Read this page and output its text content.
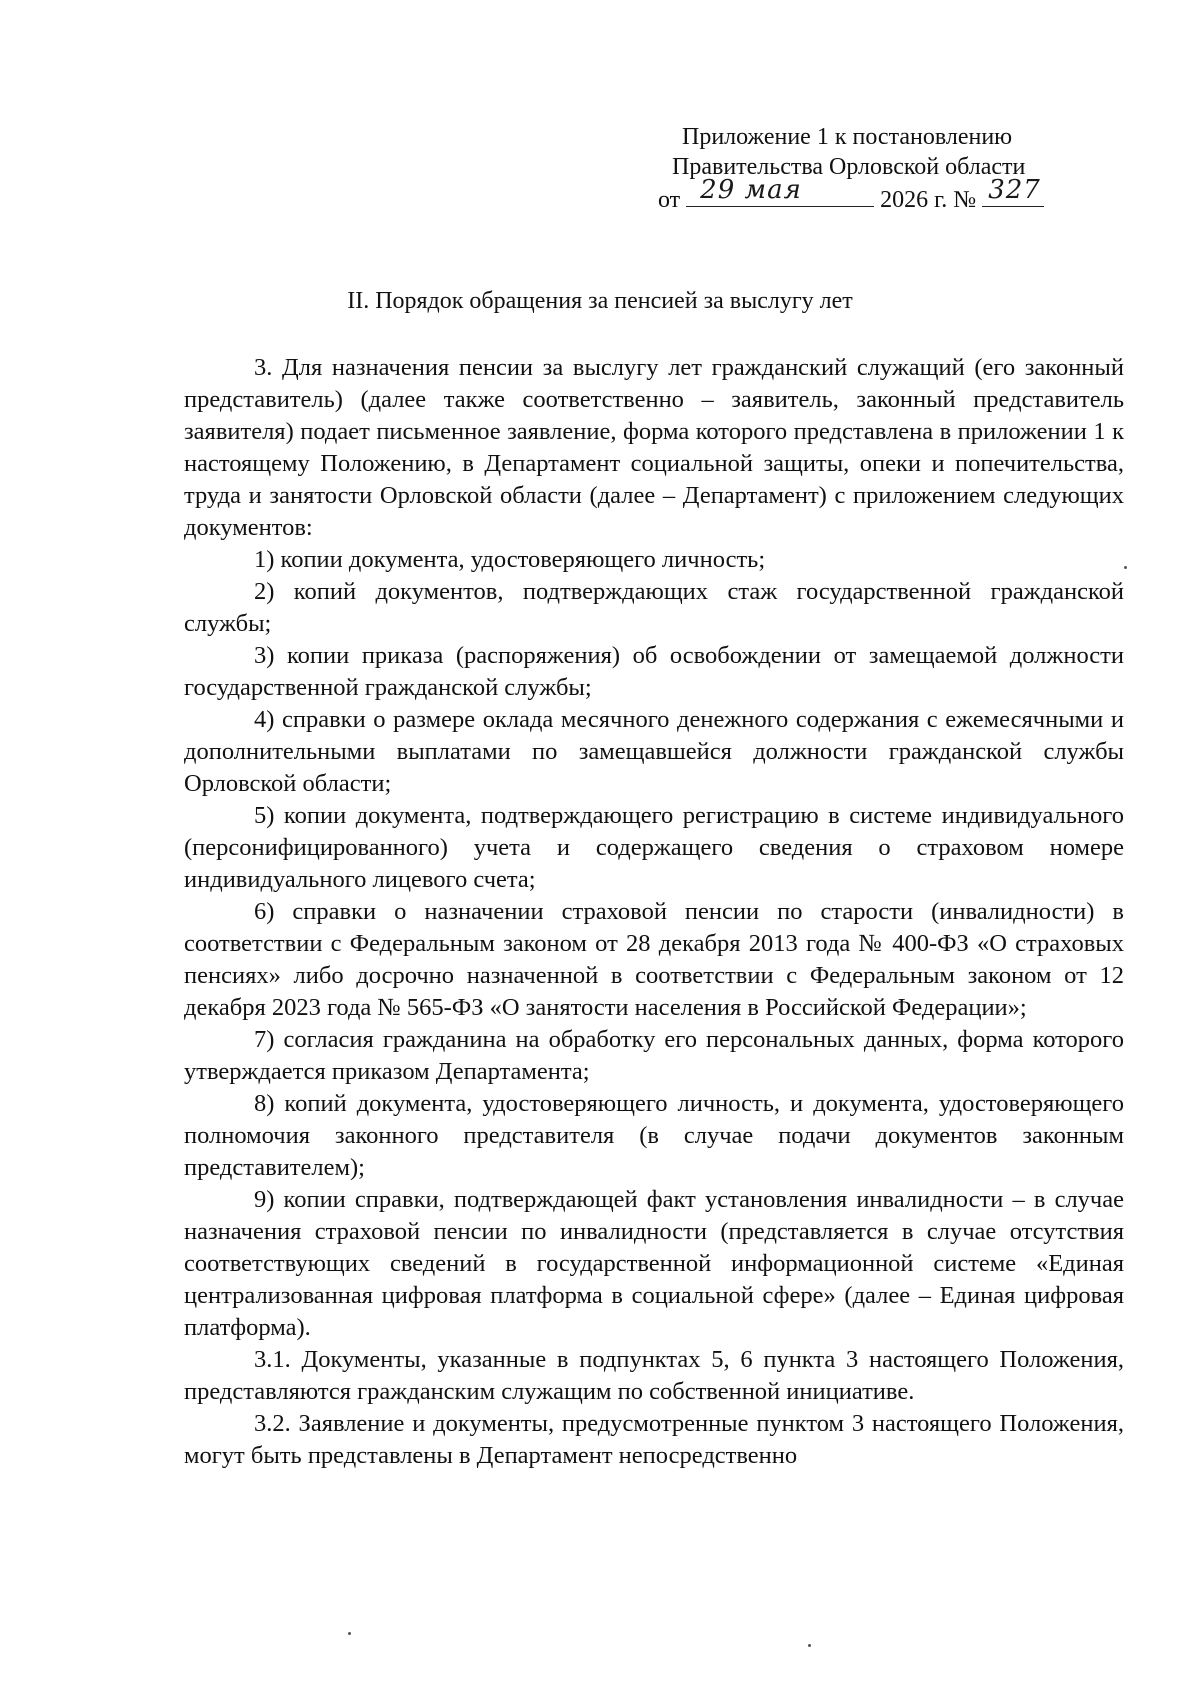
Приложение 1 к постановлению
Правительства Орловской области
от 29 мая	2026 г. № 327
II. Порядок обращения за пенсией за выслугу лет

3. Для назначения пенсии за выслугу лет гражданский служащий (его законный представитель) (далее также соответственно – заявитель, законный представитель заявителя) подает письменное заявление, форма которого представлена в приложении 1 к настоящему Положению, в Департамент социальной защиты, опеки и попечительства, труда и занятости Орловской области (далее – Департамент) с приложением следующих документов:

1) копии документа, удостоверяющего личность;

2) копий документов, подтверждающих стаж государственной гражданской службы;

3) копии приказа (распоряжения) об освобождении от замещаемой должности государственной гражданской службы;

4) справки о размере оклада месячного денежного содержания с ежемесячными и дополнительными выплатами по замещавшейся должности гражданской службы Орловской области;

5) копии документа, подтверждающего регистрацию в системе индивидуального (персонифицированного) учета и содержащего сведения о страховом номере индивидуального лицевого счета;

6) справки о назначении страховой пенсии по старости (инвалидности) в соответствии с Федеральным законом от 28 декабря 2013 года № 400-ФЗ «О страховых пенсиях» либо досрочно назначенной в соответствии с Федеральным законом от 12 декабря 2023 года № 565-ФЗ «О занятости населения в Российской Федерации»;

7) согласия гражданина на обработку его персональных данных, форма которого утверждается приказом Департамента;

8) копий документа, удостоверяющего личность, и документа, удостоверяющего полномочия законного представителя (в случае подачи документов законным представителем);

9) копии справки, подтверждающей факт установления инвалидности – в случае назначения страховой пенсии по инвалидности (представляется в случае отсутствия соответствующих сведений в государственной информационной системе «Единая централизованная цифровая платформа в социальной сфере» (далее – Единая цифровая платформа).

3.1. Документы, указанные в подпунктах 5, 6 пункта 3 настоящего Положения, представляются гражданским служащим по собственной инициативе.

3.2. Заявление и документы, предусмотренные пунктом 3 настоящего Положения, могут быть представлены в Департамент непосредственно
